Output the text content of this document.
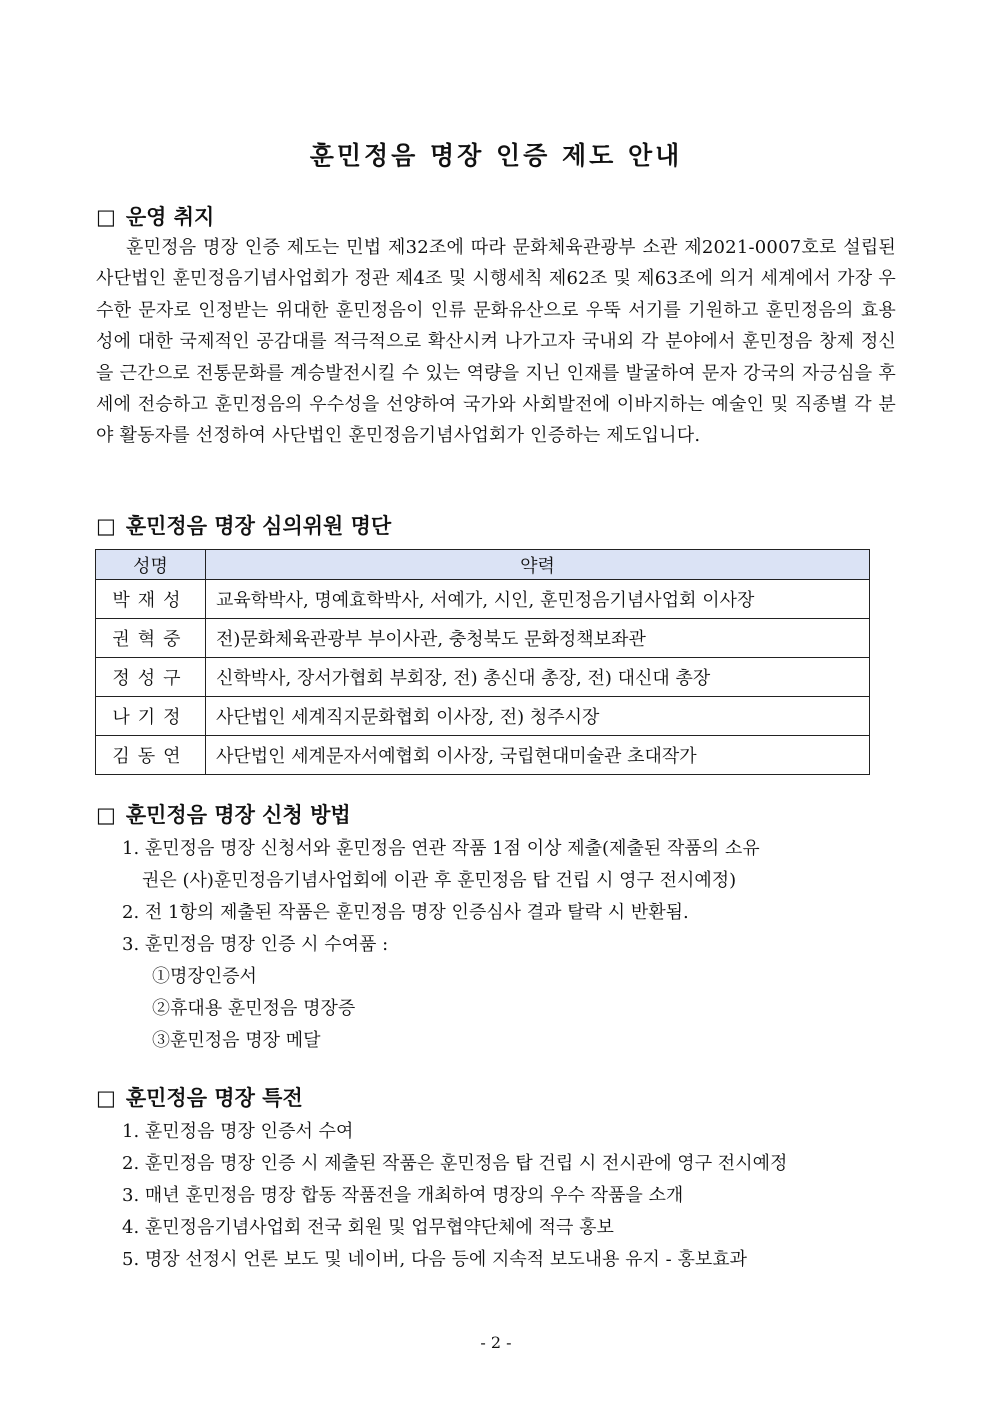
훈민정음 명장 인증 제도 안내
□ 운영 취지
훈민정음 명장 인증 제도는 민법 제32조에 따라 문화체육관광부 소관 제2021-0007호로 설립된 사단법인 훈민정음기념사업회가 정관 제4조 및 시행세칙 제62조 및 제63조에 의거 세계에서 가장 우수한 문자로 인정받는 위대한 훈민정음이 인류 문화유산으로 우뚝 서기를 기원하고 훈민정음의 효용성에 대한 국제적인 공감대를 적극적으로 확산시켜 나가고자 국내외 각 분야에서 훈민정음 창제 정신을 근간으로 전통문화를 계승발전시킬 수 있는 역량을 지닌 인재를 발굴하여 문자 강국의 자긍심을 후세에 전승하고 훈민정음의 우수성을 선양하여 국가와 사회발전에 이바지하는 예술인 및 직종별 각 분야 활동자를 선정하여 사단법인 훈민정음기념사업회가 인증하는 제도입니다.
□ 훈민정음 명장 심의위원 명단
성명	약력
박재성	교육학박사, 명예효학박사, 서예가, 시인, 훈민정음기념사업회 이사장
권혁중	전)문화체육관광부 부이사관, 충청북도 문화정책보좌관
정성구	신학박사, 장서가협회 부회장, 전) 총신대 총장, 전) 대신대 총장
나기정	사단법인 세계직지문화협회 이사장, 전) 청주시장
김동연	사단법인 세계문자서예협회 이사장, 국립현대미술관 초대작가
□ 훈민정음 명장 신청 방법
1. 훈민정음 명장 신청서와 훈민정음 연관 작품 1점 이상 제출(제출된 작품의 소유
권은 (사)훈민정음기념사업회에 이관 후 훈민정음 탑 건립 시 영구 전시예정)
2. 전 1항의 제출된 작품은 훈민정음 명장 인증심사 결과 탈락 시 반환됨.
3. 훈민정음 명장 인증 시 수여품 :
①명장인증서
②휴대용 훈민정음 명장증
③훈민정음 명장 메달
□ 훈민정음 명장 특전
1. 훈민정음 명장 인증서 수여
2. 훈민정음 명장 인증 시 제출된 작품은 훈민정음 탑 건립 시 전시관에 영구 전시예정
3. 매년 훈민정음 명장 합동 작품전을 개최하여 명장의 우수 작품을 소개
4. 훈민정음기념사업회 전국 회원 및 업무협약단체에 적극 홍보
5. 명장 선정시 언론 보도 및 네이버, 다음 등에 지속적 보도내용 유지 - 홍보효과
- 2 -
